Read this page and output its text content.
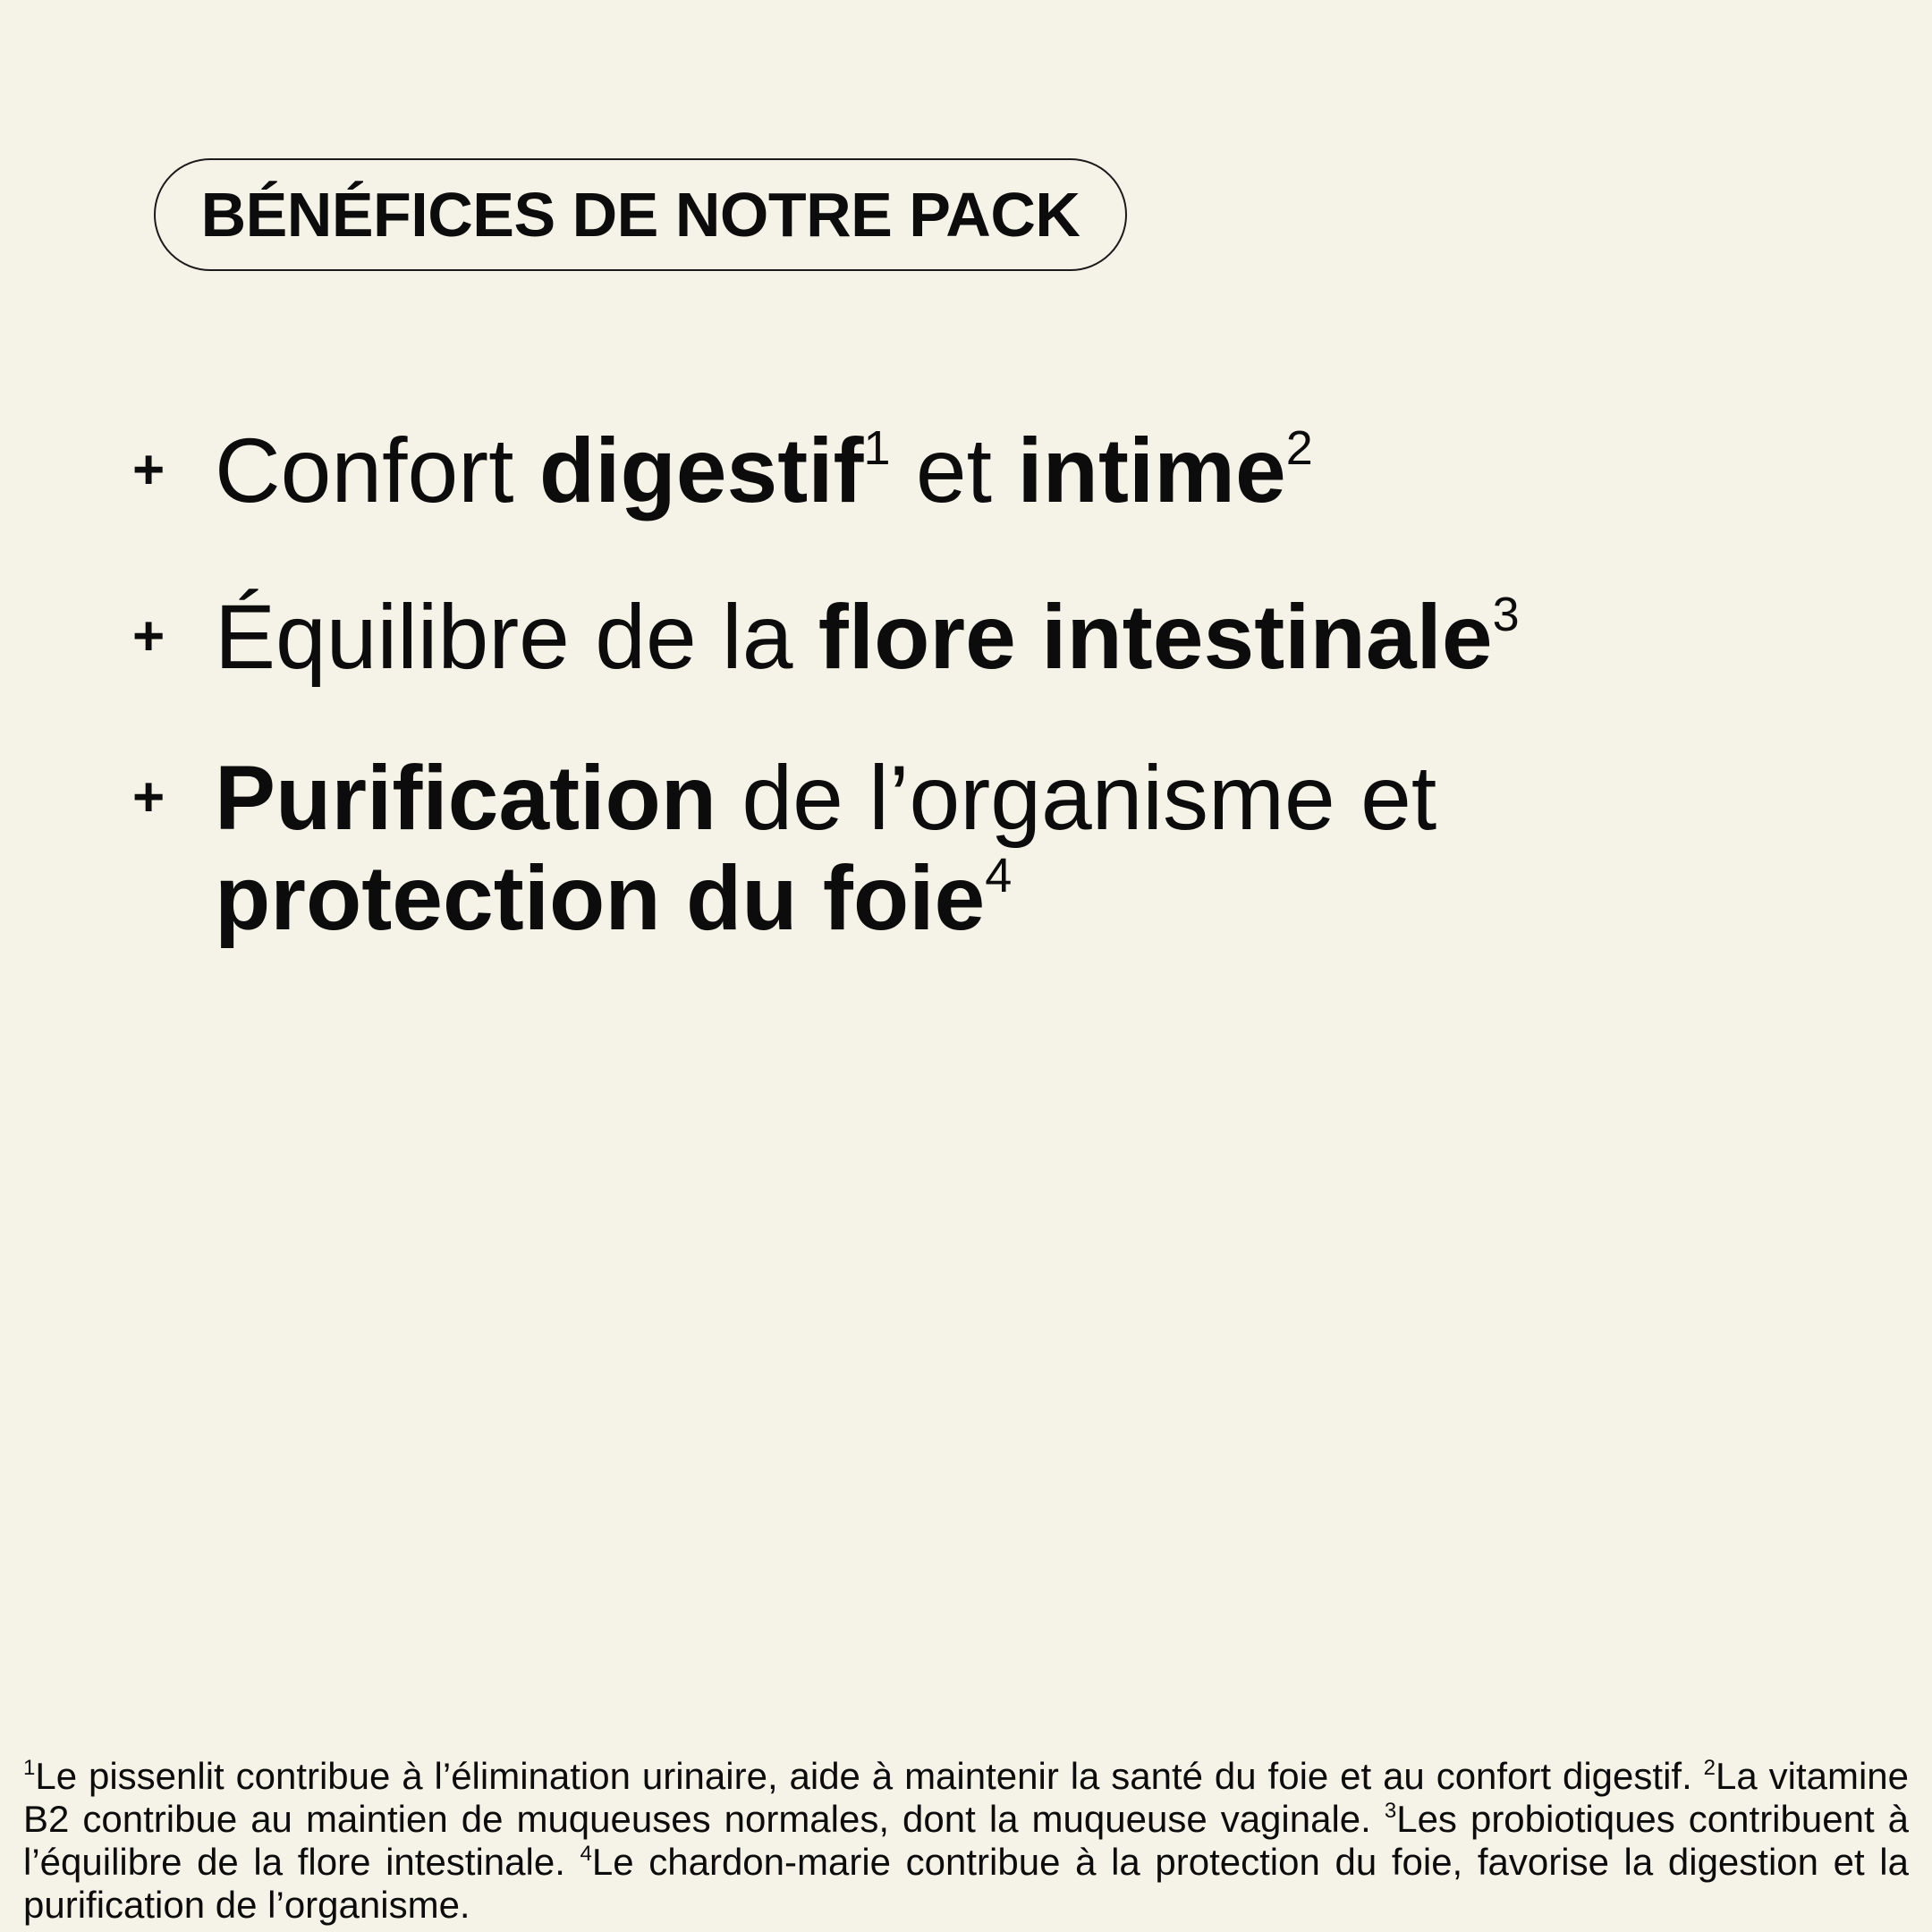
BÉNÉFICES DE NOTRE PACK
+ Confort digestif$^1$ et intime$^2$
+ Équilibre de la flore intestinale$^3$
+ Purification de l’organisme et
protection du foie$^4$
$^1$Le pissenlit contribue à l’élimination urinaire, aide à maintenir la santé du foie et au confort digestif. $^2$La vitamine B2 contribue au maintien de muqueuses normales, dont la muqueuse vaginale. $^3$Les probiotiques contribuent à l’équilibre de la flore intestinale. $^4$Le chardon-marie contribue à la protection du foie, favorise la digestion et la purification de l’organisme.
